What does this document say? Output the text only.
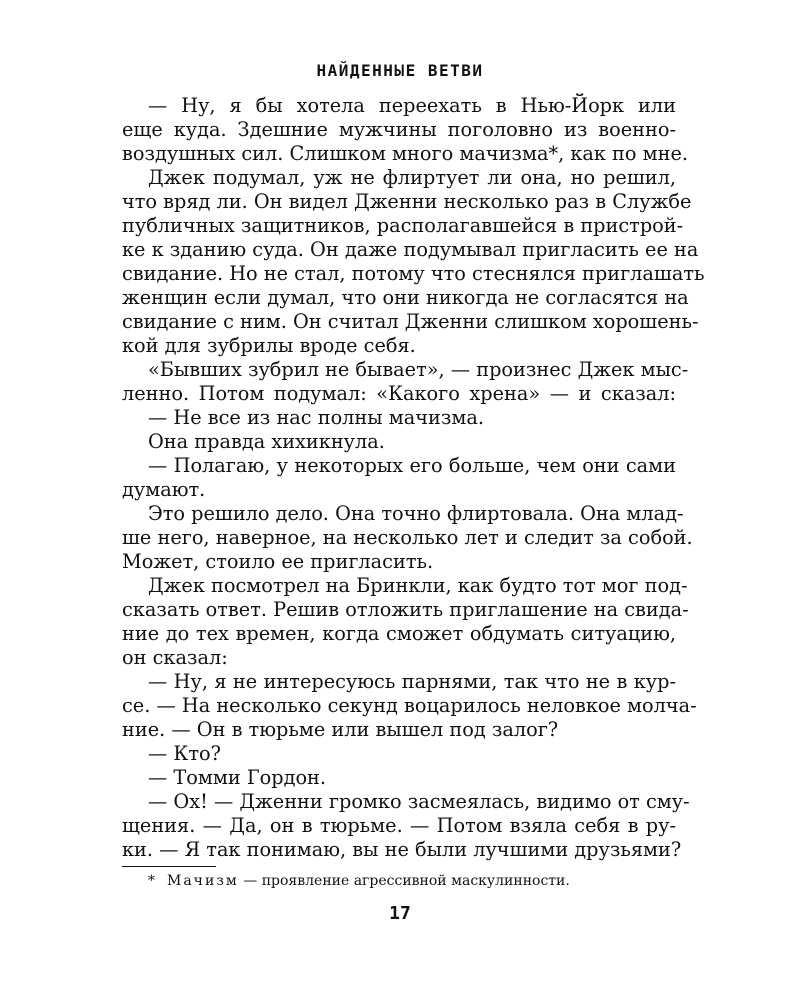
НАЙДЕННЫЕ ВЕТВИ
— Ну, я бы хотела переехать в Нью-Йорк или
еще куда. Здешние мужчины поголовно из военно-
воздушных сил. Слишком много мачизма*, как по мне.
Джек подумал, уж не флиртует ли она, но решил,
что вряд ли. Он видел Дженни несколько раз в Службе
публичных защитников, располагавшейся в пристрой-
ке к зданию суда. Он даже подумывал пригласить ее на
свидание. Но не стал, потому что стеснялся приглашать
женщин если думал, что они никогда не согласятся на
свидание с ним. Он считал Дженни слишком хорошень-
кой для зубрилы вроде себя.
«Бывших зубрил не бывает», — произнес Джек мыс-
ленно. Потом подумал: «Какого хрена» — и сказал:
— Не все из нас полны мачизма.
Она правда хихикнула.
— Полагаю, у некоторых его больше, чем они сами
думают.
Это решило дело. Она точно флиртовала. Она млад-
ше него, наверное, на несколько лет и следит за собой.
Может, стоило ее пригласить.
Джек посмотрел на Бринкли, как будто тот мог под-
сказать ответ. Решив отложить приглашение на свида-
ние до тех времен, когда сможет обдумать ситуацию,
он сказал:
— Ну, я не интересуюсь парнями, так что не в кур-
се. — На несколько секунд воцарилось неловкое молча-
ние. — Он в тюрьме или вышел под залог?
— Кто?
— Томми Гордон.
— Ох! — Дженни громко засмеялась, видимо от сму-
щения. — Да, он в тюрьме. — Потом взяла себя в ру-
ки. — Я так понимаю, вы не были лучшими друзьями?
* Мачизм — проявление агрессивной маскулинности.
17
